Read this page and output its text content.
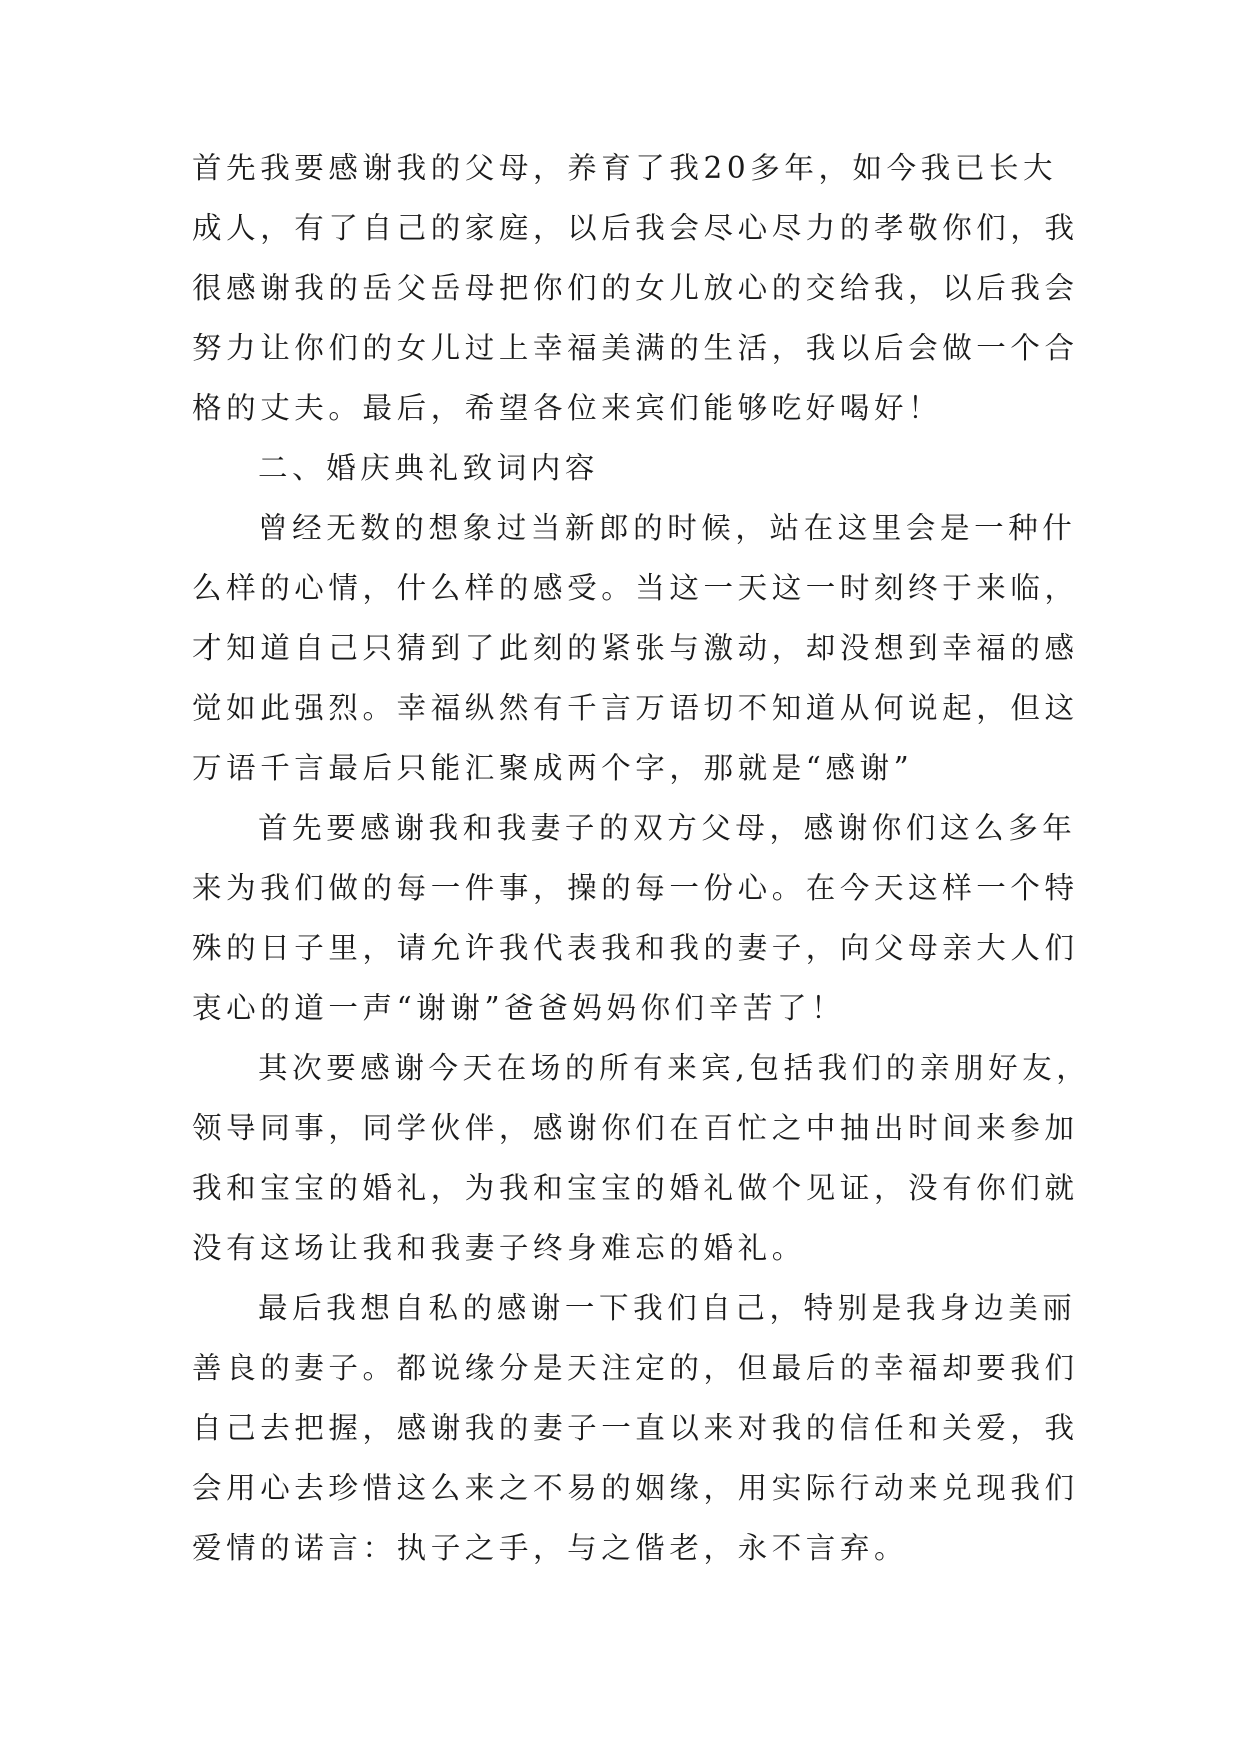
首先我要感谢我的父母，养育了我20多年，如今我已长大
成人，有了自己的家庭，以后我会尽心尽力的孝敬你们，我
很感谢我的岳父岳母把你们的女儿放心的交给我，以后我会
努力让你们的女儿过上幸福美满的生活，我以后会做一个合
格的丈夫。最后，希望各位来宾们能够吃好喝好！
二、婚庆典礼致词内容
曾经无数的想象过当新郎的时候，站在这里会是一种什
么样的心情，什么样的感受。当这一天这一时刻终于来临，
才知道自己只猜到了此刻的紧张与激动，却没想到幸福的感
觉如此强烈。幸福纵然有千言万语切不知道从何说起，但这
万语千言最后只能汇聚成两个字，那就是“感谢”
首先要感谢我和我妻子的双方父母，感谢你们这么多年
来为我们做的每一件事，操的每一份心。在今天这样一个特
殊的日子里，请允许我代表我和我的妻子，向父母亲大人们
衷心的道一声“谢谢”爸爸妈妈你们辛苦了！
其次要感谢今天在场的所有来宾,包括我们的亲朋好友，
领导同事，同学伙伴，感谢你们在百忙之中抽出时间来参加
我和宝宝的婚礼，为我和宝宝的婚礼做个见证，没有你们就
没有这场让我和我妻子终身难忘的婚礼。
最后我想自私的感谢一下我们自己，特别是我身边美丽
善良的妻子。都说缘分是天注定的，但最后的幸福却要我们
自己去把握，感谢我的妻子一直以来对我的信任和关爱，我
会用心去珍惜这么来之不易的姻缘，用实际行动来兑现我们
爱情的诺言：执子之手，与之偕老，永不言弃。
